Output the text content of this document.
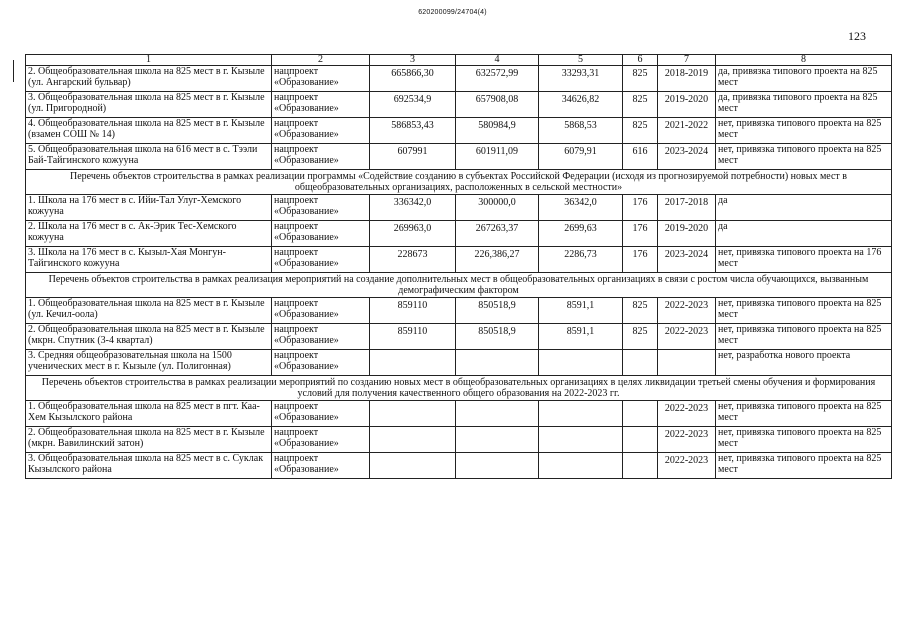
620200099/24704(4)
123
1	2	3	4	5	6	7	8
2. Общеобразовательная школа на 825 мест в г. Кызыле (ул. Ангарский бульвар)	нацпроект «Образование»	665866,30	632572,99	33293,31	825	2018-2019	да, привязка типового проекта на 825 мест
3. Общеобразовательная школа на 825 мест в г. Кызыле (ул. Пригородной)	нацпроект «Образование»	692534,9	657908,08	34626,82	825	2019-2020	да, привязка типового проекта на 825 мест
4. Общеобразовательная школа на 825 мест в г. Кызыле (взамен СОШ № 14)	нацпроект «Образование»	586853,43	580984,9	5868,53	825	2021-2022	нет, привязка типового проекта на 825 мест
5. Общеобразовательная школа на 616 мест в с. Тээли Бай-Тайгинского кожууна	нацпроект «Образование»	607991	601911,09	6079,91	616	2023-2024	нет, привязка типового проекта на 825 мест
Перечень объектов строительства в рамках реализации программы «Содействие созданию в субъектах Российской Федерации (исходя из прогнозируемой потребности) новых мест в общеобразовательных организациях, расположенных в сельской местности»							
1. Школа на 176 мест в с. Ийи-Тал Улуг-Хемского кожууна	нацпроект «Образование»	336342,0	300000,0	36342,0	176	2017-2018	да
2. Школа на 176 мест в с. Ак-Эрик Тес-Хемского кожууна	нацпроект «Образование»	269963,0	267263,37	2699,63	176	2019-2020	да
3. Школа на 176 мест в с. Кызыл-Хая Монгун-Тайгинского кожууна	нацпроект «Образование»	228673	226,386,27	2286,73	176	2023-2024	нет, привязка типового проекта на 176 мест
Перечень объектов строительства в рамках реализация мероприятий на создание дополнительных мест в общеобразовательных организациях в связи с ростом числа обучающихся, вызванным демографическим фактором							
1. Общеобразовательная школа на 825 мест в г. Кызыле (ул. Кечил-оола)	нацпроект «Образование»	859110	850518,9	8591,1	825	2022-2023	нет, привязка типового проекта на 825 мест
2. Общеобразовательная школа на 825 мест в г. Кызыле (мкрн. Спутник (3-4 квартал)	нацпроект «Образование»	859110	850518,9	8591,1	825	2022-2023	нет, привязка типового проекта на 825 мест
3. Средняя общеобразовательная школа на 1500 ученических мест в г. Кызыле (ул. Полигонная)	нацпроект «Образование»						нет, разработка нового проекта
Перечень объектов строительства в рамках реализации мероприятий по созданию новых мест в общеобразовательных организациях в целях ликвидации третьей смены обучения и формирования условий для получения качественного общего образования на 2022-2023 гг.							
1. Общеобразовательная школа на 825 мест в пгт. Каа-Хем Кызылского района	нацпроект «Образование»					2022-2023	нет, привязка типового проекта на 825 мест
2. Общеобразовательная школа на 825 мест в г. Кызыле (мкрн. Вавилинский затон)	нацпроект «Образование»					2022-2023	нет, привязка типового проекта на 825 мест
3. Общеобразовательная школа на 825 мест в с. Суклак Кызылского района	нацпроект «Образование»					2022-2023	нет, привязка типового проекта на 825 мест
